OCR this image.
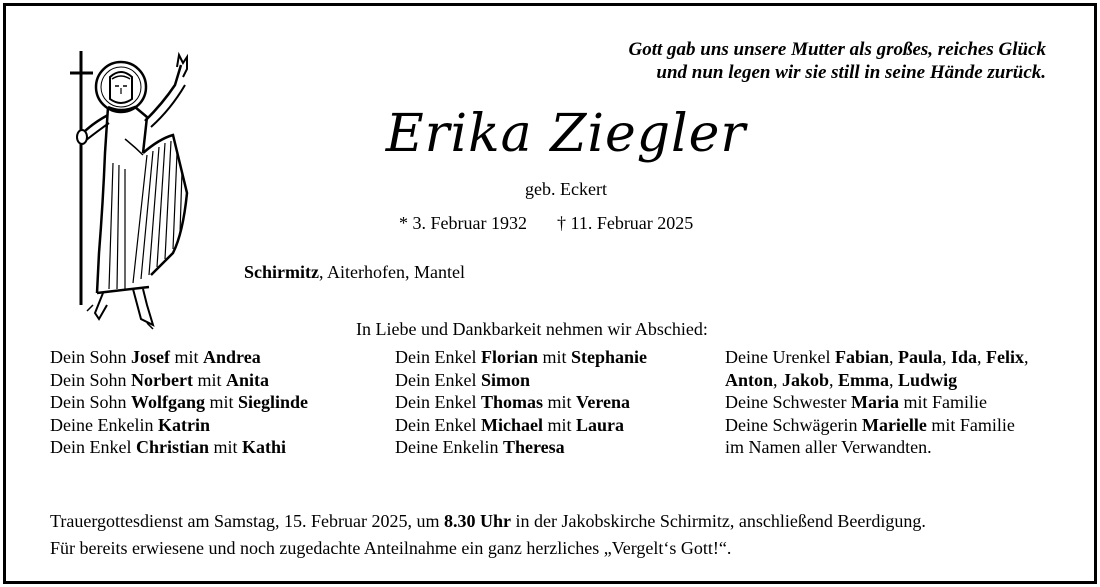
Gott gab uns unsere Mutter als großes, reiches Glück
und nun legen wir sie still in seine Hände zurück.
Erika Ziegler
geb. Eckert
* 3. Februar 1932 † 11. Februar 2025
Schirmitz, Aiterhofen, Mantel
In Liebe und Dankbarkeit nehmen wir Abschied:
Dein Sohn Josef mit Andrea
Dein Sohn Norbert mit Anita
Dein Sohn Wolfgang mit Sieglinde
Deine Enkelin Katrin
Dein Enkel Christian mit Kathi
Dein Enkel Florian mit Stephanie
Dein Enkel Simon
Dein Enkel Thomas mit Verena
Dein Enkel Michael mit Laura
Deine Enkelin Theresa
Deine Urenkel Fabian, Paula, Ida, Felix,
Anton, Jakob, Emma, Ludwig
Deine Schwester Maria mit Familie
Deine Schwägerin Marielle mit Familie
im Namen aller Verwandten.
Trauergottesdienst am Samstag, 15. Februar 2025, um 8.30 Uhr in der Jakobskirche Schirmitz, anschließend Beerdigung.
Für bereits erwiesene und noch zugedachte Anteilnahme ein ganz herzliches „Vergelt‘s Gott!“.
